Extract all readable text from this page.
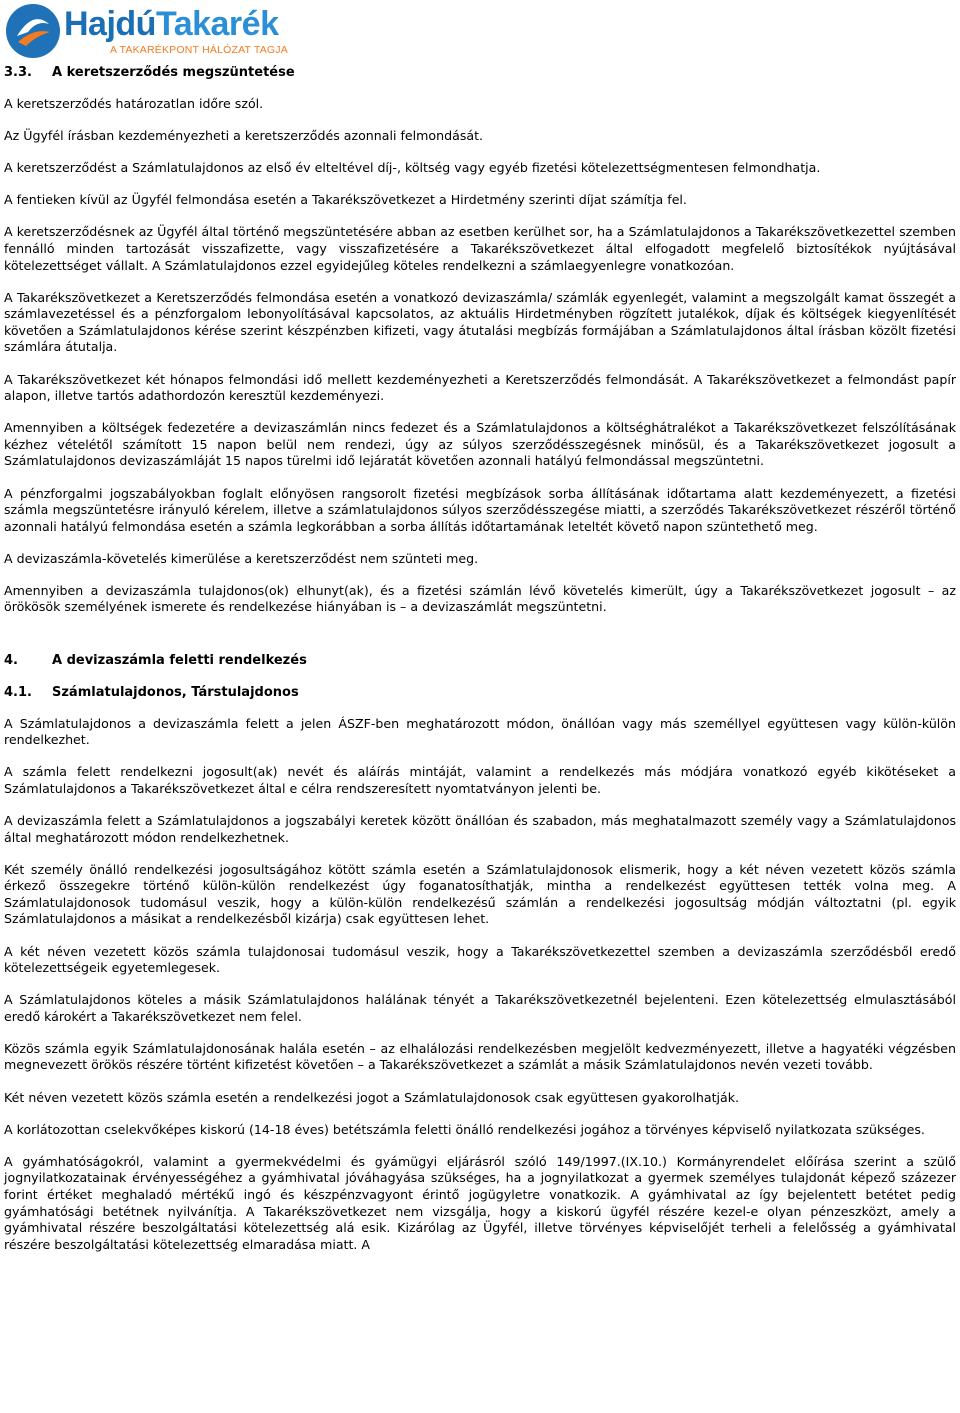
HajdúTakarék
A TAKARÉKPONT HÁLÓZAT TAGJA
3.3. A keretszerződés megszüntetése

A keretszerződés határozatlan időre szól.

Az Ügyfél írásban kezdeményezheti a keretszerződés azonnali felmondását.

A keretszerződést a Számlatulajdonos az első év elteltével díj-, költség vagy egyéb fizetési kötelezettségmentesen felmondhatja.

A fentieken kívül az Ügyfél felmondása esetén a Takarékszövetkezet a Hirdetmény szerinti díjat számítja fel.

A keretszerződésnek az Ügyfél által történő megszüntetésére abban az esetben kerülhet sor, ha a Számlatulajdonos a Takarékszövetkezettel szemben fennálló minden tartozását visszafizette, vagy visszafizetésére a Takarékszövetkezet által elfogadott megfelelő biztosítékok nyújtásával kötelezettséget vállalt. A Számlatulajdonos ezzel egyidejűleg köteles rendelkezni a számlaegyenlegre vonatkozóan.

A Takarékszövetkezet a Keretszerződés felmondása esetén a vonatkozó devizaszámla/ számlák egyenlegét, valamint a megszolgált kamat összegét a számlavezetéssel és a pénzforgalom lebonyolításával kapcsolatos, az aktuális Hirdetményben rögzített jutalékok, díjak és költségek kiegyenlítését követően a Számlatulajdonos kérése szerint készpénzben kifizeti, vagy átutalási megbízás formájában a Számlatulajdonos által írásban közölt fizetési számlára átutalja.

A Takarékszövetkezet két hónapos felmondási idő mellett kezdeményezheti a Keretszerződés felmondását. A Takarékszövetkezet a felmondást papír alapon, illetve tartós adathordozón keresztül kezdeményezi.

Amennyiben a költségek fedezetére a devizaszámlán nincs fedezet és a Számlatulajdonos a költséghátralékot a Takarékszövetkezet felszólításának kézhez vételétől számított 15 napon belül nem rendezi, úgy az súlyos szerződésszegésnek minősül, és a Takarékszövetkezet jogosult a Számlatulajdonos devizaszámláját 15 napos türelmi idő lejáratát követően azonnali hatályú felmondással megszüntetni.

A pénzforgalmi jogszabályokban foglalt előnyösen rangsorolt fizetési megbízások sorba állításának időtartama alatt kezdeményezett, a fizetési számla megszüntetésre irányuló kérelem, illetve a számlatulajdonos súlyos szerződésszegése miatti, a szerződés Takarékszövetkezet részéről történő azonnali hatályú felmondása esetén a számla legkorábban a sorba állítás időtartamának leteltét követő napon szüntethető meg.

A devizaszámla-követelés kimerülése a keretszerződést nem szünteti meg.

Amennyiben a devizaszámla tulajdonos(ok) elhunyt(ak), és a fizetési számlán lévő követelés kimerült, úgy a Takarékszövetkezet jogosult – az örökösök személyének ismerete és rendelkezése hiányában is – a devizaszámlát megszüntetni.

4.	A devizaszámla feletti rendelkezés
4.1. Számlatulajdonos, Társtulajdonos

A Számlatulajdonos a devizaszámla felett a jelen ÁSZF-ben meghatározott módon, önállóan vagy más személlyel együttesen vagy külön-külön rendelkezhet.

A számla felett rendelkezni jogosult(ak) nevét és aláírás mintáját, valamint a rendelkezés más módjára vonatkozó egyéb kikötéseket a Számlatulajdonos a Takarékszövetkezet által e célra rendszeresített nyomtatványon jelenti be.

A devizaszámla felett a Számlatulajdonos a jogszabályi keretek között önállóan és szabadon, más meghatalmazott személy vagy a Számlatulajdonos által meghatározott módon rendelkezhetnek.

Két személy önálló rendelkezési jogosultságához kötött számla esetén a Számlatulajdonosok elismerik, hogy a két néven vezetett közös számla érkező összegekre történő külön-külön rendelkezést úgy foganatosíthatják, mintha a rendelkezést együttesen tették volna meg. A Számlatulajdonosok tudomásul veszik, hogy a külön-külön rendelkezésű számlán a rendelkezési jogosultság módján változtatni (pl. egyik Számlatulajdonos a másikat a rendelkezésből kizárja) csak együttesen lehet.

A két néven vezetett közös számla tulajdonosai tudomásul veszik, hogy a Takarékszövetkezettel szemben a devizaszámla szerződésből eredő kötelezettségeik egyetemlegesek.

A Számlatulajdonos köteles a másik Számlatulajdonos halálának tényét a Takarékszövetkezetnél bejelenteni. Ezen kötelezettség elmulasztásából eredő károkért a Takarékszövetkezet nem felel.

Közös számla egyik Számlatulajdonosának halála esetén – az elhalálozási rendelkezésben megjelölt kedvezményezett, illetve a hagyatéki végzésben megnevezett örökös részére történt kifizetést követően – a Takarékszövetkezet a számlát a másik Számlatulajdonos nevén vezeti tovább.

Két néven vezetett közös számla esetén a rendelkezési jogot a Számlatulajdonosok csak együttesen gyakorolhatják.

A korlátozottan cselekvőképes kiskorú (14-18 éves) betétszámla feletti önálló rendelkezési jogához a törvényes képviselő nyilatkozata szükséges.

A gyámhatóságokról, valamint a gyermekvédelmi és gyámügyi eljárásról szóló 149/1997.(IX.10.) Kormányrendelet előírása szerint a szülő jognyilatkozatainak érvényességéhez a gyámhivatal jóváhagyása szükséges, ha a jognyilatkozat a gyermek személyes tulajdonát képező százezer forint értéket meghaladó mértékű ingó és készpénzvagyont érintő jogügyletre vonatkozik. A gyámhivatal az így bejelentett betétet pedig gyámhatósági betétnek nyilvánítja. A Takarékszövetkezet nem vizsgálja, hogy a kiskorú ügyfél részére kezel-e olyan pénzeszközt, amely a gyámhivatal részére beszolgáltatási kötelezettség alá esik. Kizárólag az Ügyfél, illetve törvényes képviselőjét terheli a felelősség a gyámhivatal részére beszolgáltatási kötelezettség elmaradása miatt. A
